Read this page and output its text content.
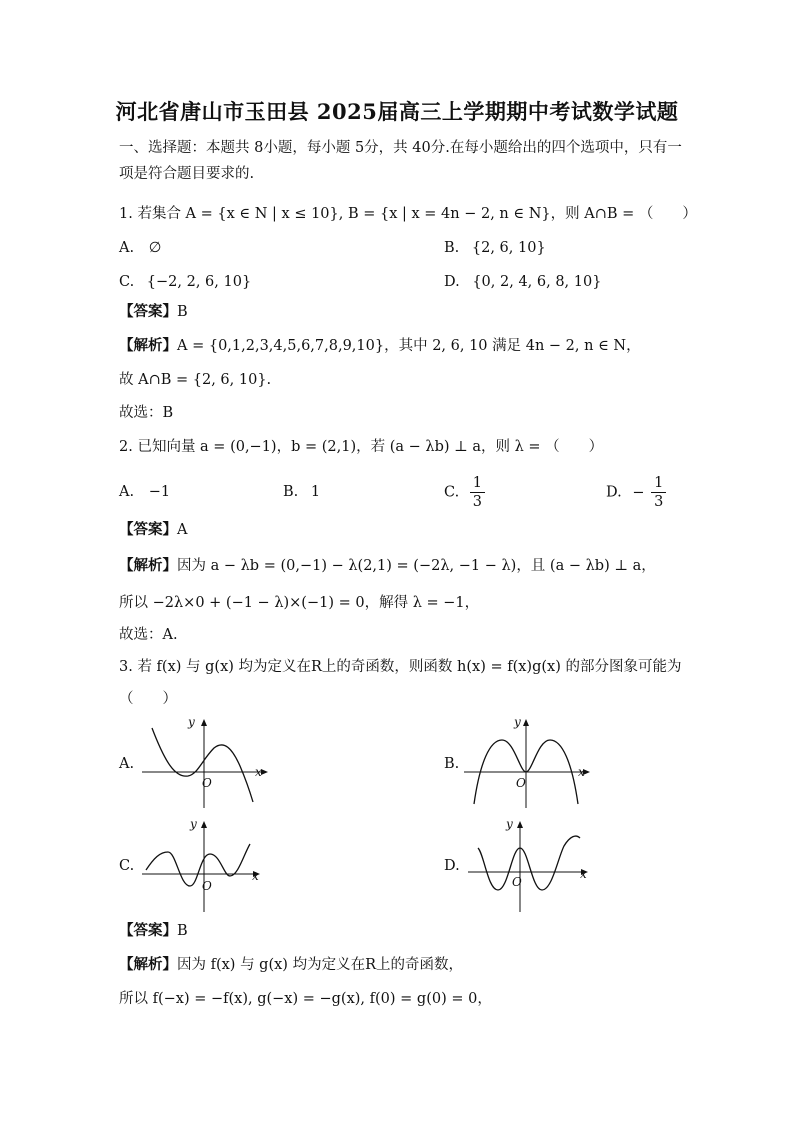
河北省唐山市玉田县 2025届高三上学期期中考试数学试题
一、选择题：本题共 8小题，每小题 5分，共 40分.在每小题给出的四个选项中，只有一
项是符合题目要求的.
1. 若集合 A = {x ∈ N | x ≤ 10}, B = {x | x = 4n − 2, n ∈ N}，则 A∩B = （　　）
A. ∅	B. {2, 6, 10}
C. {−2, 2, 6, 10}	D. {0, 2, 4, 6, 8, 10}
【答案】B
【解析】A = {0,1,2,3,4,5,6,7,8,9,10}，其中 2, 6, 10 满足 4n − 2, n ∈ N，
故 A∩B = {2, 6, 10}.
故选：B
2. 已知向量 a = (0,−1)，b = (2,1)，若 (a − λb) ⊥ a，则 λ = （　　）
A. −1	B. 1	C. $\frac{1}{3}$	D. − $\frac{1}{3}$
【答案】A
【解析】因为 a − λb = (0,−1) − λ(2,1) = (−2λ, −1 − λ)，且 (a − λb) ⊥ a，
所以 −2λ×0 + (−1 − λ)×(−1) = 0，解得 λ = −1，
故选：A.
3. 若 f(x) 与 g(x) 均为定义在R上的奇函数，则函数 h(x) = f(x)g(x) 的部分图象可能为
（　　）
A.	x
y
O
B.	x
y
O
C.
x
y
O
D.	x
y
O
【答案】B
【解析】因为 f(x) 与 g(x) 均为定义在R上的奇函数，
所以 f(−x) = −f(x), g(−x) = −g(x), f(0) = g(0) = 0，
